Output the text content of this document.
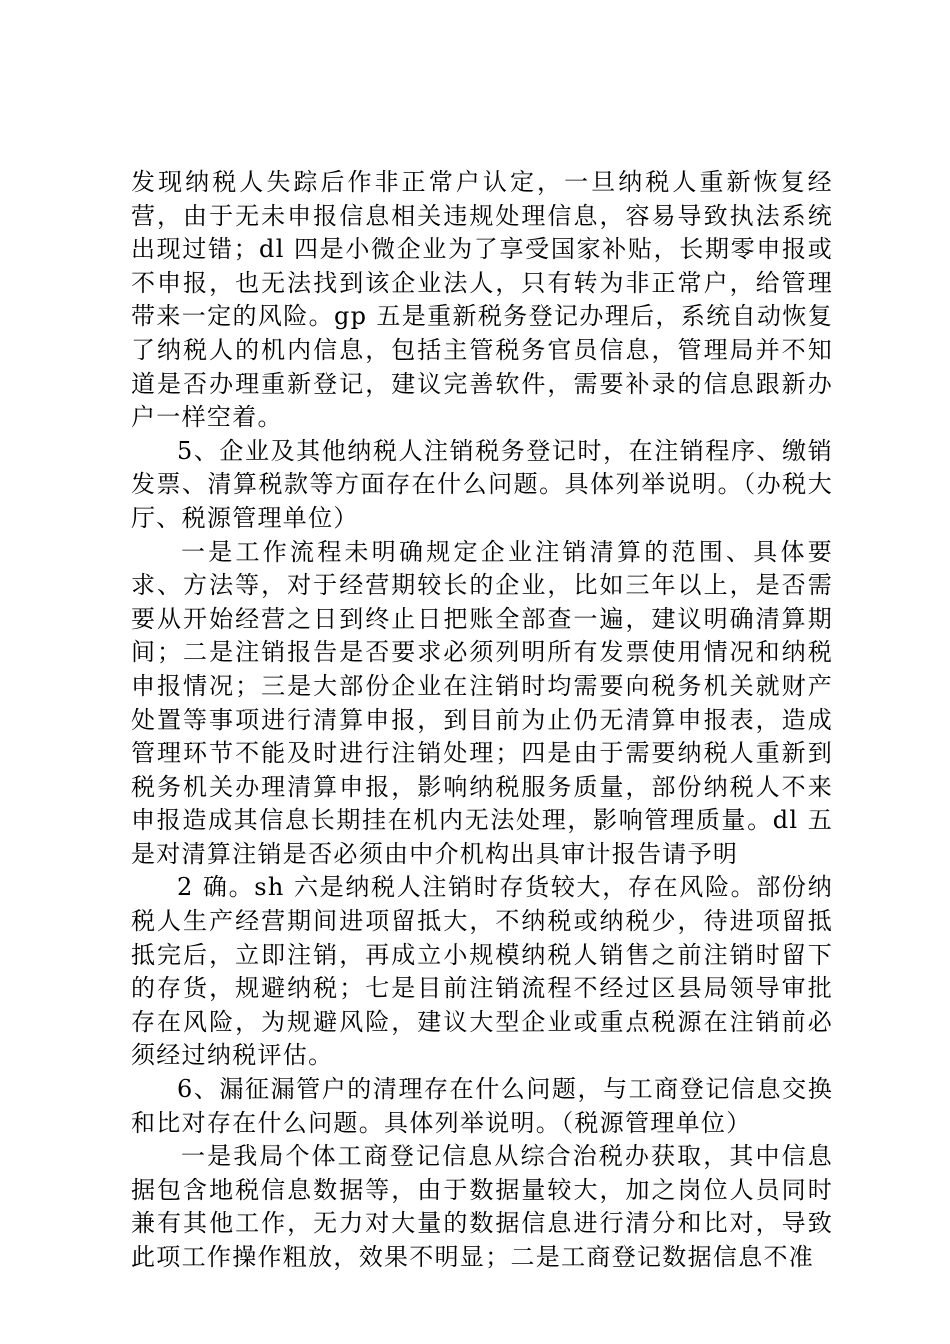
发现纳税人失踪后作非正常户认定，一旦纳税人重新恢复经营，由于无未申报信息相关违规处理信息，容易导致执法系统出现过错；dl 四是小微企业为了享受国家补贴，长期零申报或不申报，也无法找到该企业法人，只有转为非正常户，给管理带来一定的风险。gp 五是重新税务登记办理后，系统自动恢复了纳税人的机内信息，包括主管税务官员信息，管理局并不知道是否办理重新登记，建议完善软件，需要补录的信息跟新办户一样空着。

5、企业及其他纳税人注销税务登记时，在注销程序、缴销发票、清算税款等方面存在什么问题。具体列举说明。（办税大厅、税源管理单位）

一是工作流程未明确规定企业注销清算的范围、具体要求、方法等，对于经营期较长的企业，比如三年以上，是否需要从开始经营之日到终止日把账全部查一遍，建议明确清算期间；二是注销报告是否要求必须列明所有发票使用情况和纳税申报情况；三是大部份企业在注销时均需要向税务机关就财产处置等事项进行清算申报，到目前为止仍无清算申报表，造成管理环节不能及时进行注销处理；四是由于需要纳税人重新到税务机关办理清算申报，影响纳税服务质量，部份纳税人不来申报造成其信息长期挂在机内无法处理，影响管理质量。dl 五是对清算注销是否必须由中介机构出具审计报告请予明

2 确。sh 六是纳税人注销时存货较大，存在风险。部份纳税人生产经营期间进项留抵大，不纳税或纳税少，待进项留抵抵完后，立即注销，再成立小规模纳税人销售之前注销时留下的存货，规避纳税；七是目前注销流程不经过区县局领导审批存在风险，为规避风险，建议大型企业或重点税源在注销前必须经过纳税评估。

6、漏征漏管户的清理存在什么问题，与工商登记信息交换和比对存在什么问题。具体列举说明。（税源管理单位）

一是我局个体工商登记信息从综合治税办获取，其中信息据包含地税信息数据等，由于数据量较大，加之岗位人员同时兼有其他工作，无力对大量的数据信息进行清分和比对，导致此项工作操作粗放，效果不明显；二是工商登记数据信息不准
